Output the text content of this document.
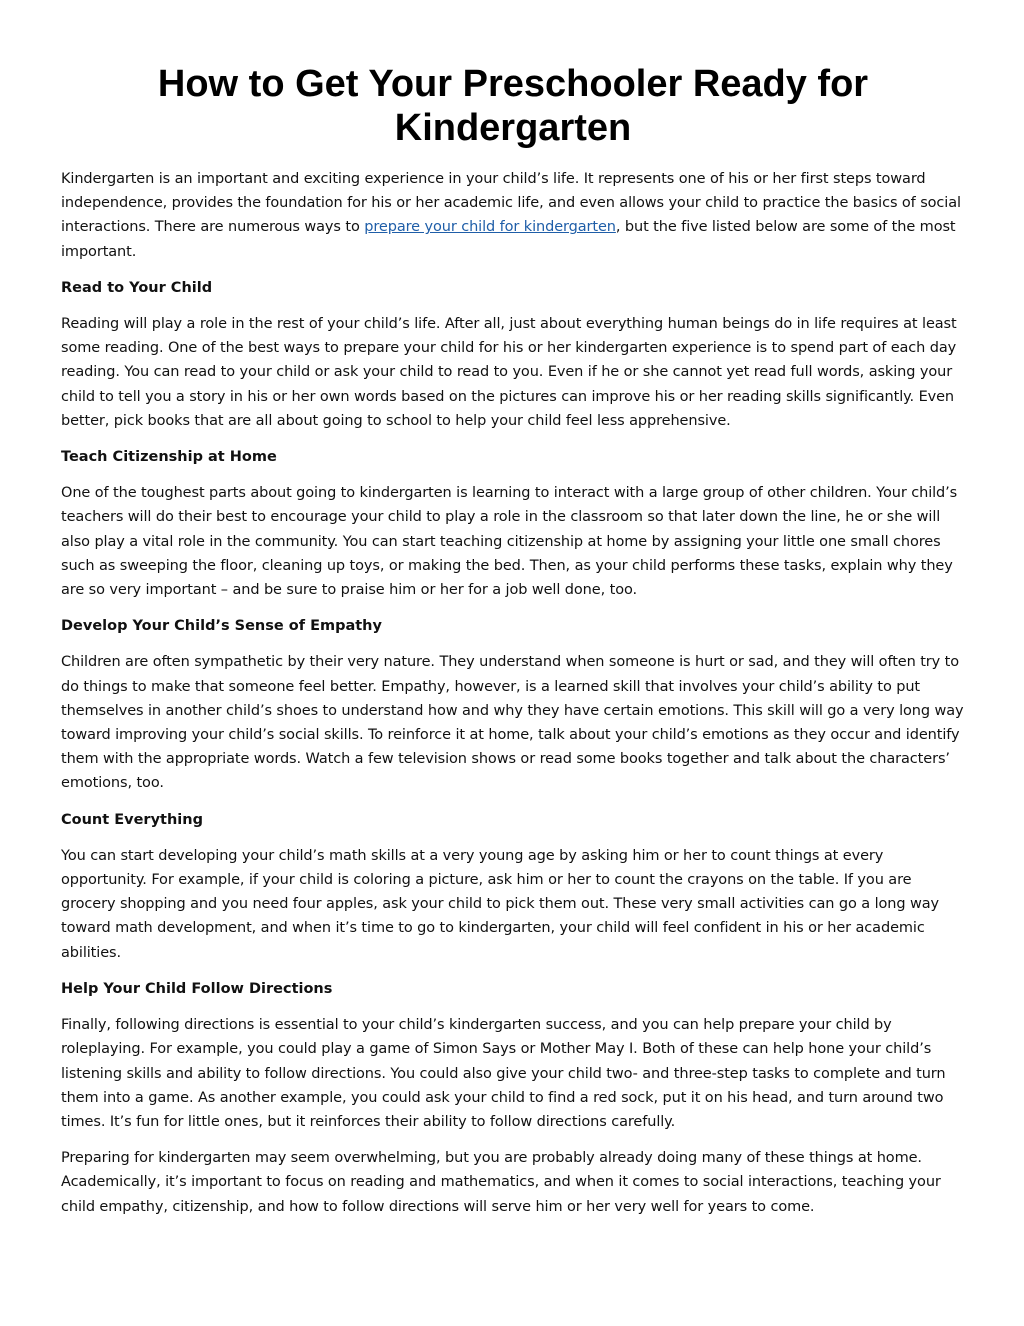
How to Get Your Preschooler Ready for Kindergarten

Kindergarten is an important and exciting experience in your child’s life. It represents one of his or her first steps toward independence, provides the foundation for his or her academic life, and even allows your child to practice the basics of social interactions. There are numerous ways to prepare your child for kindergarten, but the five listed below are some of the most important.

Read to Your Child

Reading will play a role in the rest of your child’s life. After all, just about everything human beings do in life requires at least some reading. One of the best ways to prepare your child for his or her kindergarten experience is to spend part of each day reading. You can read to your child or ask your child to read to you. Even if he or she cannot yet read full words, asking your child to tell you a story in his or her own words based on the pictures can improve his or her reading skills significantly. Even better, pick books that are all about going to school to help your child feel less apprehensive.

Teach Citizenship at Home

One of the toughest parts about going to kindergarten is learning to interact with a large group of other children. Your child’s teachers will do their best to encourage your child to play a role in the classroom so that later down the line, he or she will also play a vital role in the community. You can start teaching citizenship at home by assigning your little one small chores such as sweeping the floor, cleaning up toys, or making the bed. Then, as your child performs these tasks, explain why they are so very important – and be sure to praise him or her for a job well done, too.

Develop Your Child’s Sense of Empathy

Children are often sympathetic by their very nature. They understand when someone is hurt or sad, and they will often try to do things to make that someone feel better. Empathy, however, is a learned skill that involves your child’s ability to put themselves in another child’s shoes to understand how and why they have certain emotions. This skill will go a very long way toward improving your child’s social skills. To reinforce it at home, talk about your child’s emotions as they occur and identify them with the appropriate words. Watch a few television shows or read some books together and talk about the characters’ emotions, too.

Count Everything

You can start developing your child’s math skills at a very young age by asking him or her to count things at every opportunity. For example, if your child is coloring a picture, ask him or her to count the crayons on the table. If you are grocery shopping and you need four apples, ask your child to pick them out. These very small activities can go a long way toward math development, and when it’s time to go to kindergarten, your child will feel confident in his or her academic abilities.

Help Your Child Follow Directions

Finally, following directions is essential to your child’s kindergarten success, and you can help prepare your child by roleplaying. For example, you could play a game of Simon Says or Mother May I. Both of these can help hone your child’s listening skills and ability to follow directions. You could also give your child two- and three-step tasks to complete and turn them into a game. As another example, you could ask your child to find a red sock, put it on his head, and turn around two times. It’s fun for little ones, but it reinforces their ability to follow directions carefully.

Preparing for kindergarten may seem overwhelming, but you are probably already doing many of these things at home. Academically, it’s important to focus on reading and mathematics, and when it comes to social interactions, teaching your child empathy, citizenship, and how to follow directions will serve him or her very well for years to come.
